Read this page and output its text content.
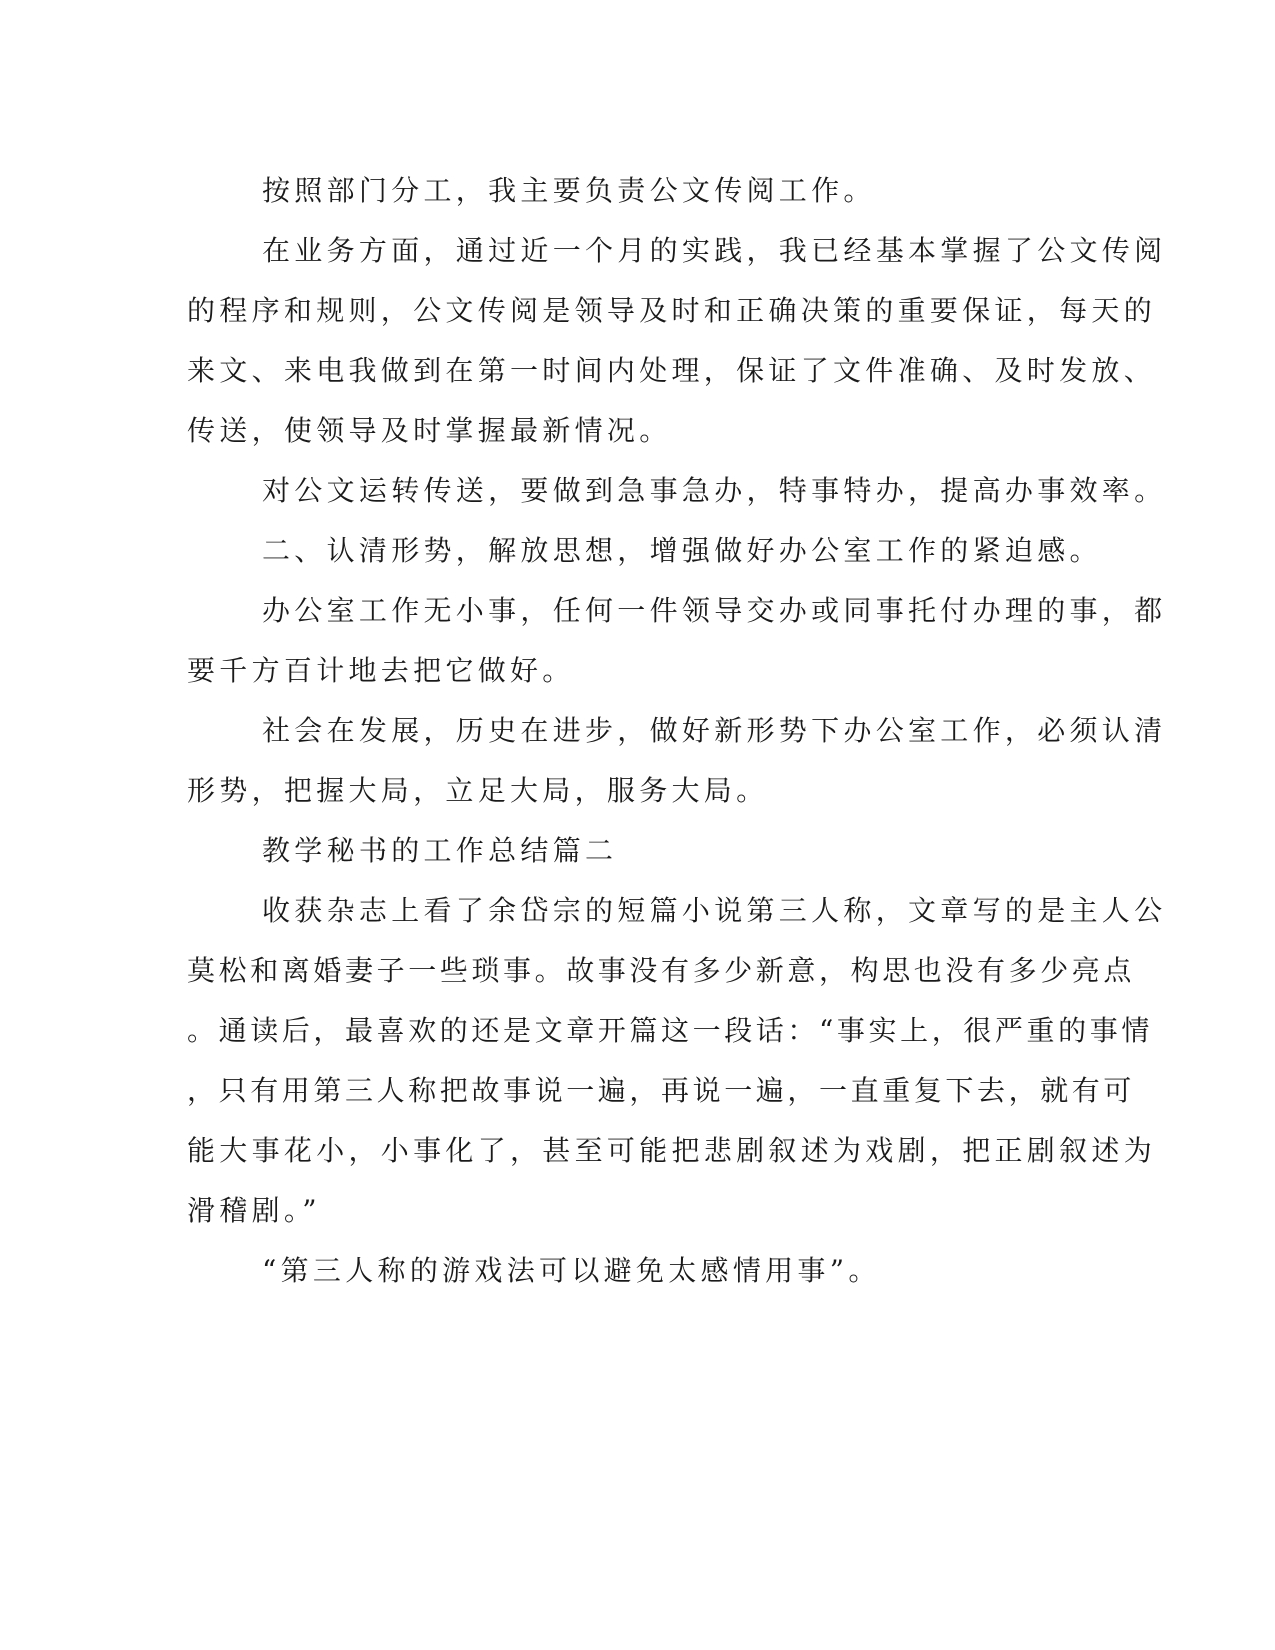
按照部门分工，我主要负责公文传阅工作。
在业务方面，通过近一个月的实践，我已经基本掌握了公文传阅
的程序和规则，公文传阅是领导及时和正确决策的重要保证，每天的
来文、来电我做到在第一时间内处理，保证了文件准确、及时发放、
传送，使领导及时掌握最新情况。
对公文运转传送，要做到急事急办，特事特办，提高办事效率。
二、认清形势，解放思想，增强做好办公室工作的紧迫感。
办公室工作无小事，任何一件领导交办或同事托付办理的事，都
要千方百计地去把它做好。
社会在发展，历史在进步，做好新形势下办公室工作，必须认清
形势，把握大局，立足大局，服务大局。
教学秘书的工作总结篇二
收获杂志上看了余岱宗的短篇小说第三人称，文章写的是主人公
莫松和离婚妻子一些琐事。故事没有多少新意，构思也没有多少亮点
。通读后，最喜欢的还是文章开篇这一段话：“事实上，很严重的事情
，只有用第三人称把故事说一遍，再说一遍，一直重复下去，就有可
能大事花小，小事化了，甚至可能把悲剧叙述为戏剧，把正剧叙述为
滑稽剧。”
“第三人称的游戏法可以避免太感情用事”。
